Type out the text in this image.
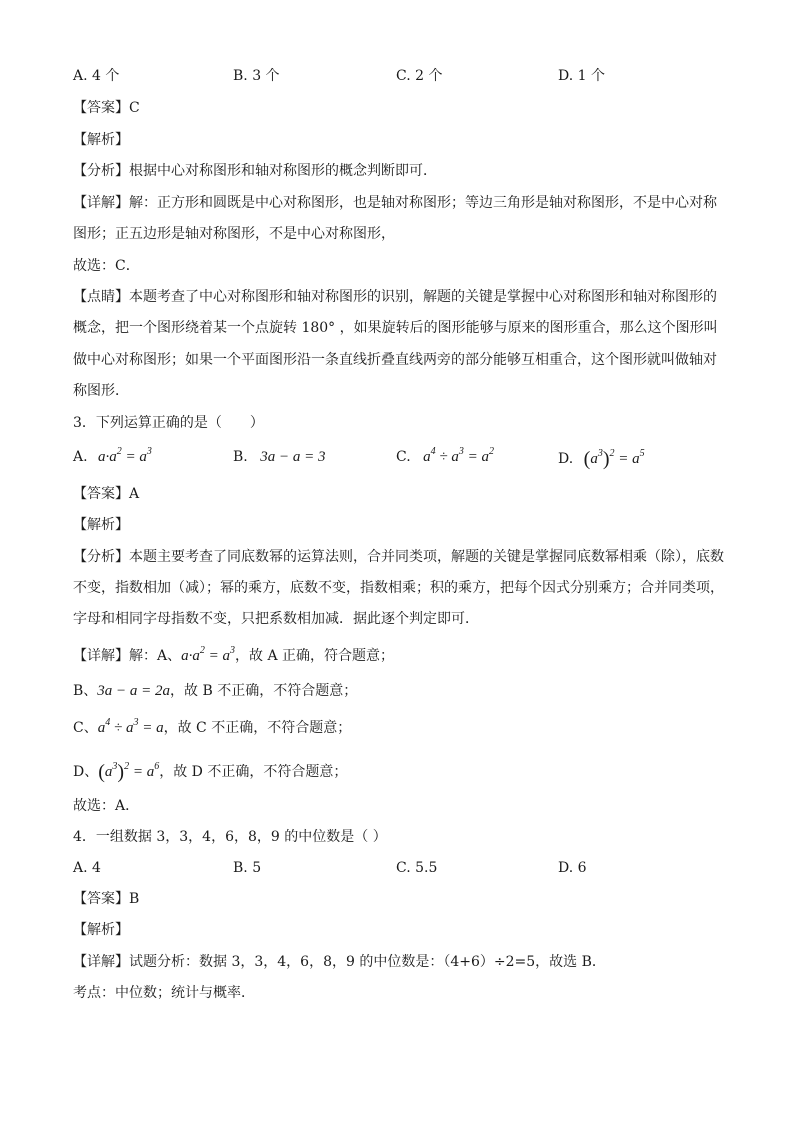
A. 4 个	B. 3 个	C. 2 个	D. 1 个
【答案】C
【解析】
【分析】根据中心对称图形和轴对称图形的概念判断即可．
【详解】解：正方形和圆既是中心对称图形，也是轴对称图形；等边三角形是轴对称图形，不是中心对称
图形；正五边形是轴对称图形，不是中心对称图形，
故选：C．
【点睛】本题考查了中心对称图形和轴对称图形的识别，解题的关键是掌握中心对称图形和轴对称图形的
概念，把一个图形绕着某一个点旋转 180° ，如果旋转后的图形能够与原来的图形重合，那么这个图形叫
做中心对称图形；如果一个平面图形沿一条直线折叠直线两旁的部分能够互相重合，这个图形就叫做轴对
称图形．
3．下列运算正确的是（　　）
A. $a\cdot a^2 = a^3$	B. 3a − a = 3	C. $a^4 \div a^3 = a^2$	D. $(a^3)^2 = a^5$
【答案】A
【解析】
【分析】本题主要考查了同底数幂的运算法则，合并同类项，解题的关键是掌握同底数幂相乘（除），底数
不变，指数相加（减）；幂的乘方，底数不变，指数相乘；积的乘方，把每个因式分别乘方；合并同类项，
字母和相同字母指数不变，只把系数相加减．据此逐个判定即可．
【详解】解：A、$a\cdot a^2 = a^3$，故 A 正确，符合题意；
B、3a − a = 2a，故 B 不正确，不符合题意；
C、$a^4 \div a^3 = a$，故 C 不正确，不符合题意；
D、$(a^3)^2 = a^6$，故 D 不正确，不符合题意；
故选：A．
4．一组数据 3，3，4，6，8，9 的中位数是（ ）
A. 4	B. 5	C. 5.5	D. 6
【答案】B
【解析】
【详解】试题分析：数据 3，3，4，6，8，9 的中位数是：（4+6）÷2=5，故选 B．
考点：中位数；统计与概率．
